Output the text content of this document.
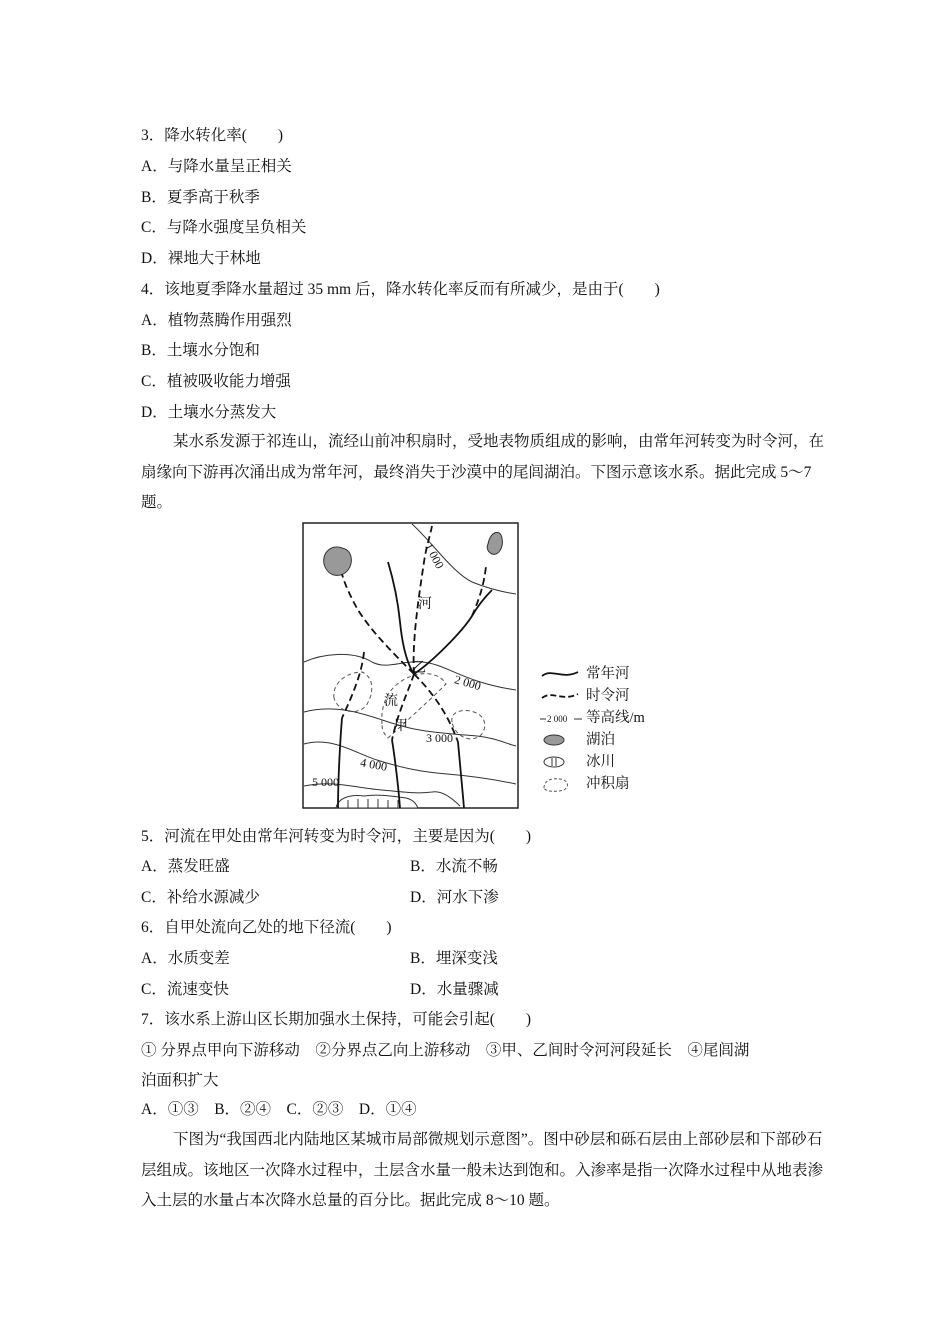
3．降水转化率(　　)
A．与降水量呈正相关
B．夏季高于秋季
C．与降水强度呈负相关
D．裸地大于林地
4．该地夏季降水量超过 35 mm 后，降水转化率反而有所减少，是由于(　　)
A．植物蒸腾作用强烈
B．土壤水分饱和
C．植被吸收能力增强
D．土壤水分蒸发大
某水系发源于祁连山，流经山前冲积扇时，受地表物质组成的影响，由常年河转变为时令河，在扇缘向下游再次涌出成为常年河，最终消失于沙漠中的尾闾湖泊。下图示意该水系。据此完成 5～7 题。
河
流
甲
乙
1 000
2 000
3 000
4 000
5 000
常年河
时令河
2 000 等高线/m
湖泊
冰川
冲积扇
5．河流在甲处由常年河转变为时令河，主要是因为(　　)
A．蒸发旺盛	B．水流不畅
C．补给水源减少	D．河水下渗
6．自甲处流向乙处的地下径流(　　)
A．水质变差	B．埋深变浅
C．流速变快	D．水量骤减
7．该水系上游山区长期加强水土保持，可能会引起(　　)
① 分界点甲向下游移动　②分界点乙向上游移动　③甲、乙间时令河河段延长　④尾闾湖
泊面积扩大
A．①③　B．②④　C．②③　D．①④
下图为“我国西北内陆地区某城市局部微规划示意图”。图中砂层和砾石层由上部砂层和下部砂石层组成。该地区一次降水过程中，土层含水量一般未达到饱和。入渗率是指一次降水过程中从地表渗入土层的水量占本次降水总量的百分比。据此完成 8～10 题。
